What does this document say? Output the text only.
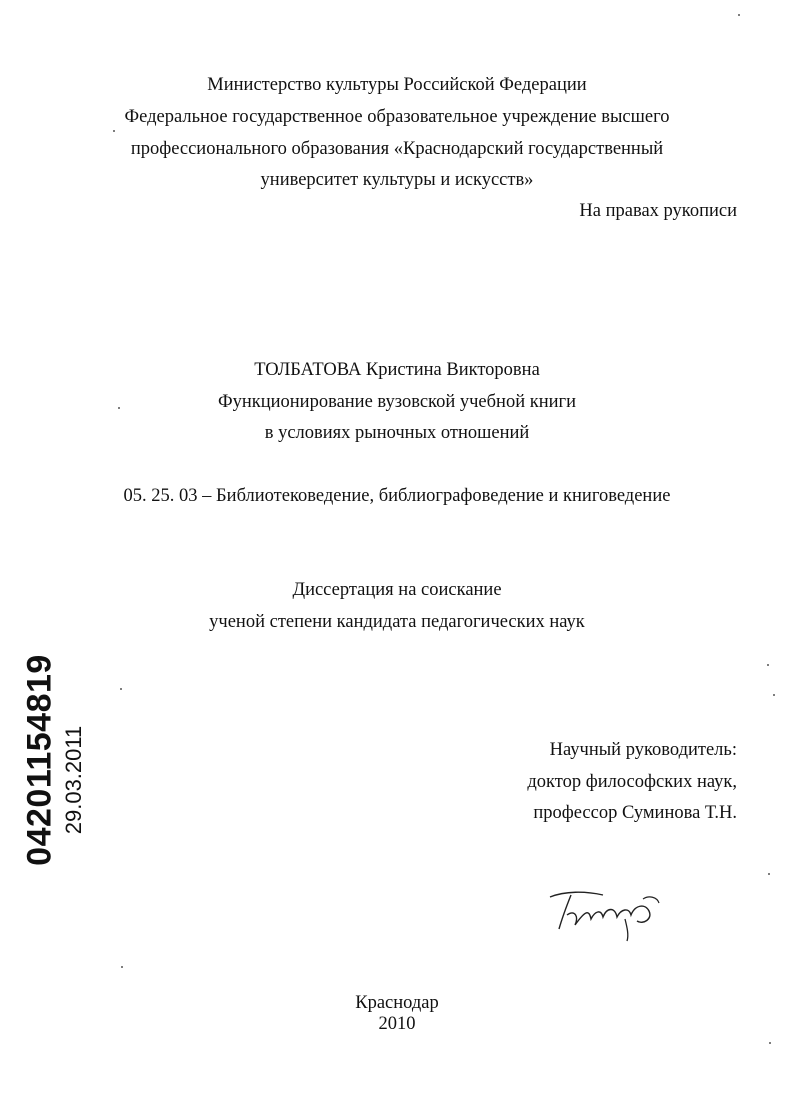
Министерство культуры Российской Федерации
Федеральное государственное образовательное учреждение высшего
профессионального образования «Краснодарский государственный
университет культуры и искусств»
На правах рукописи
ТОЛБАТОВА Кристина Викторовна
Функционирование вузовской учебной книги
в условиях рыночных отношений
05. 25. 03 – Библиотековедение, библиографоведение и книговедение
Диссертация на соискание
ученой степени кандидата педагогических наук
Научный руководитель:
доктор философских наук,
профессор Суминова Т.Н.
Краснодар
2010
04201154819 29.03.2011
